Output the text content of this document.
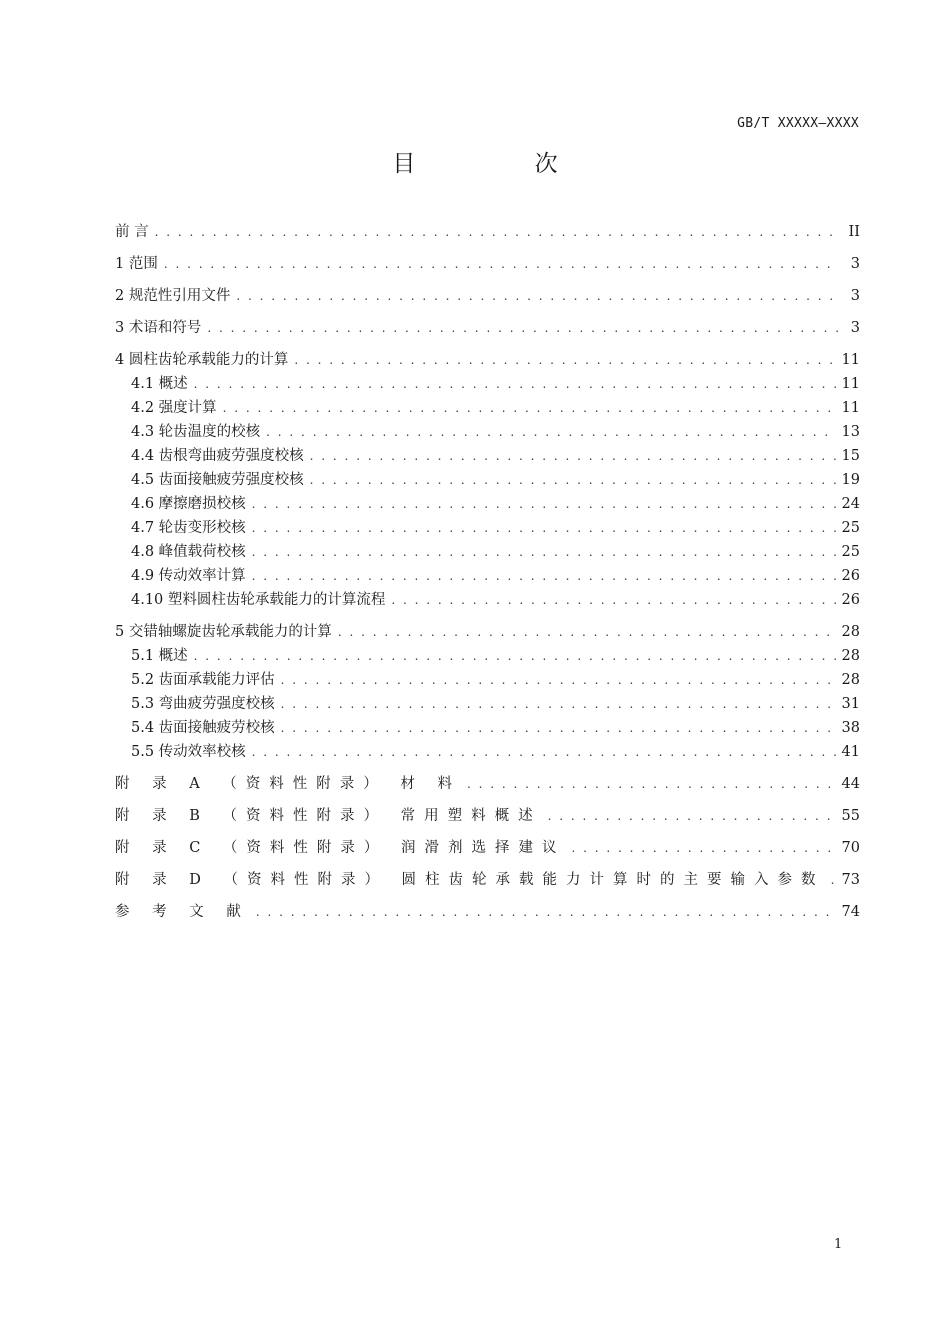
GB/T XXXXX—XXXX
目 次
前 言 . . .	II
1 范围 . . .	3
2 规范性引用文件 . . .	3
3 术语和符号 . . .	3
4 圆柱齿轮承载能力的计算 . . .	11
4.1 概述 . . .	11
4.2 强度计算 . . .	11
4.3 轮齿温度的校核 . . .	13
4.4 齿根弯曲疲劳强度校核 . . .	15
4.5 齿面接触疲劳强度校核 . . .	19
4.6 摩擦磨损校核 . . .	24
4.7 轮齿变形校核 . . .	25
4.8 峰值载荷校核 . . .	25
4.9 传动效率计算 . . .	26
4.10 塑料圆柱齿轮承载能力的计算流程 . . .	26
5 交错轴螺旋齿轮承载能力的计算 . . .	28
5.1 概述 . . .	28
5.2 齿面承载能力评估 . . .	28
5.3 弯曲疲劳强度校核 . . .	31
5.4 齿面接触疲劳校核 . . .	38
5.5 传动效率校核 . . .	41
附 录 A （资料性附录） 材 料 . . .	44
附 录 B （资料性附录） 常用塑料概述 . . .	55
附 录 C （资料性附录） 润滑剂选择建议 . . .	70
附 录 D （资料性附录） 圆柱齿轮承载能力计算时的主要输入参数 . . . 73
参 考 文 献 . . .	74
1
